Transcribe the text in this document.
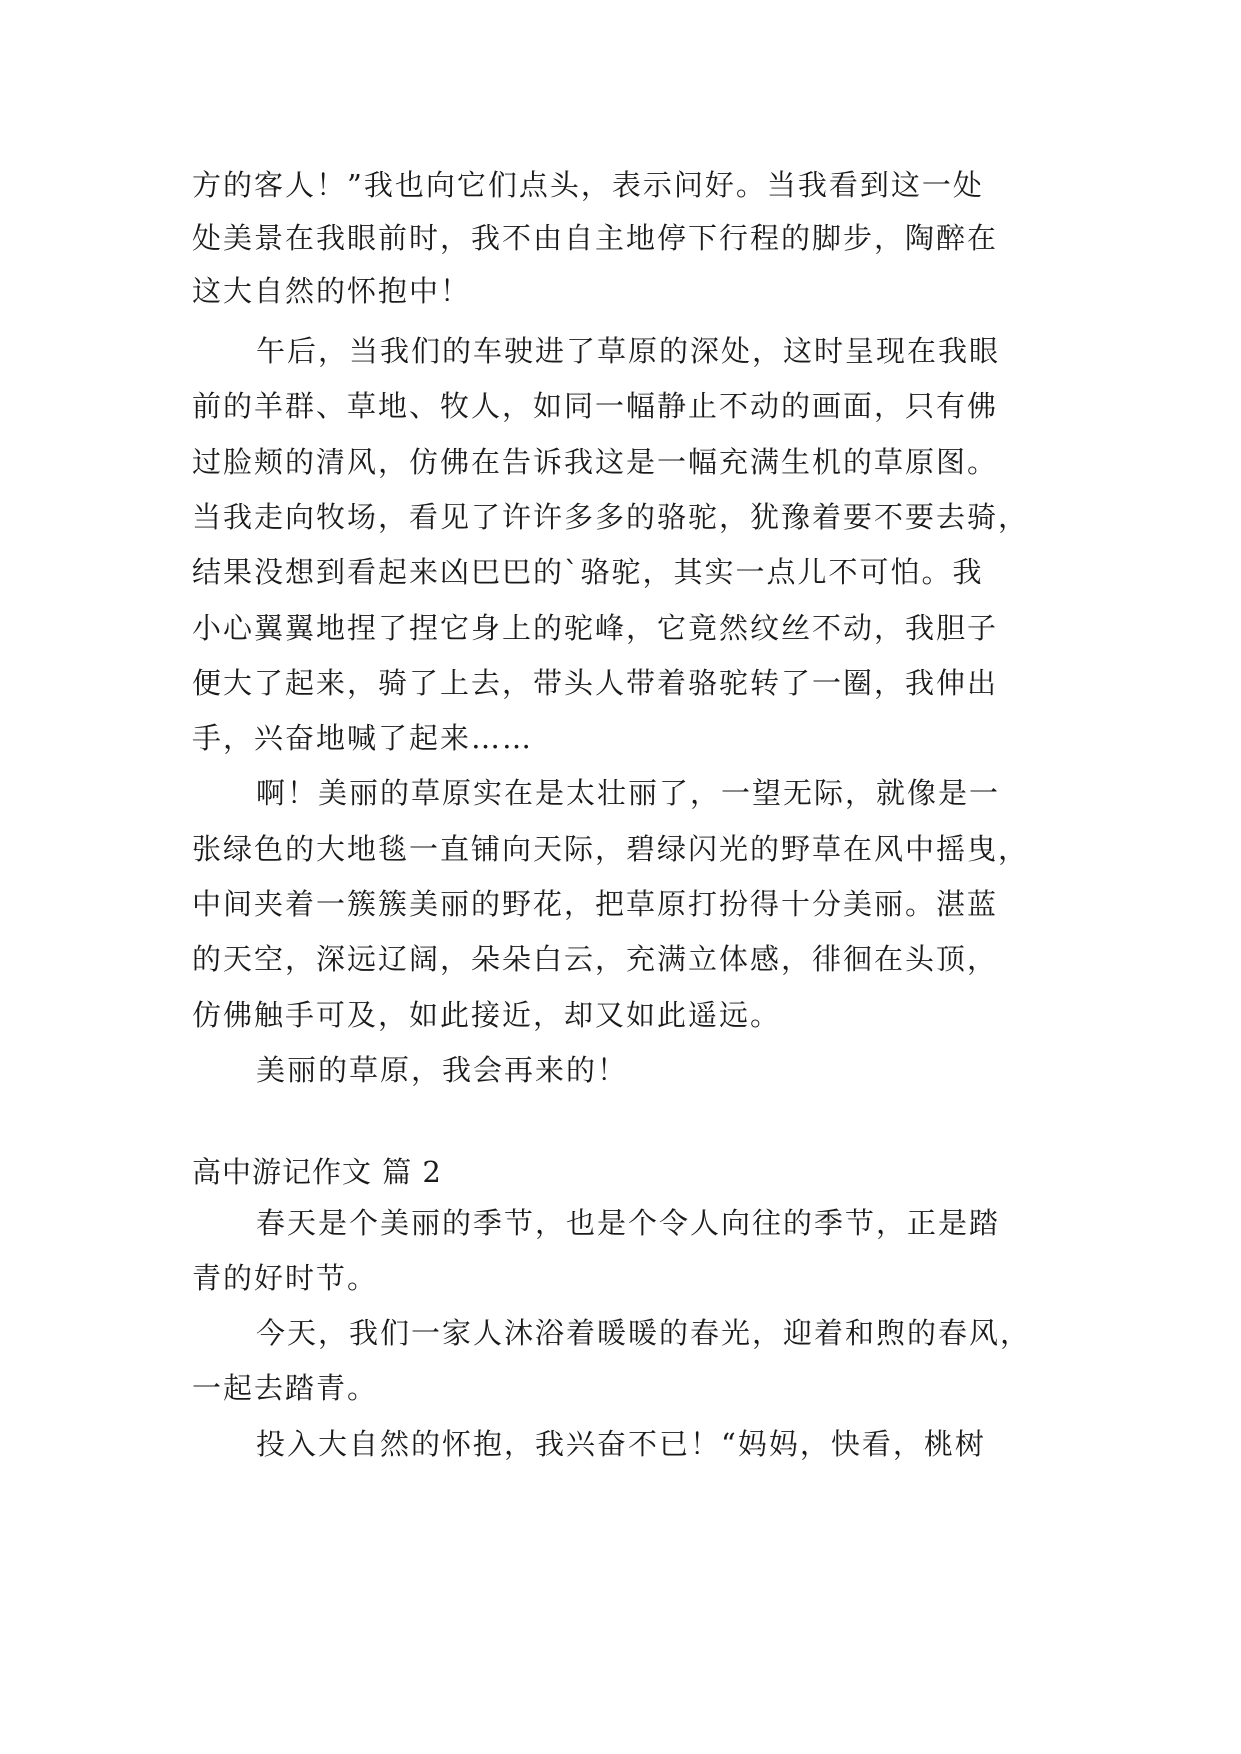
方的客人！”我也向它们点头，表示问好。当我看到这一处
处美景在我眼前时，我不由自主地停下行程的脚步，陶醉在
这大自然的怀抱中！
午后，当我们的车驶进了草原的深处，这时呈现在我眼
前的羊群、草地、牧人，如同一幅静止不动的画面，只有佛
过脸颊的清风，仿佛在告诉我这是一幅充满生机的草原图。
当我走向牧场，看见了许许多多的骆驼，犹豫着要不要去骑，
结果没想到看起来凶巴巴的`骆驼，其实一点儿不可怕。我
小心翼翼地捏了捏它身上的驼峰，它竟然纹丝不动，我胆子
便大了起来，骑了上去，带头人带着骆驼转了一圈，我伸出
手，兴奋地喊了起来……
啊！美丽的草原实在是太壮丽了，一望无际，就像是一
张绿色的大地毯一直铺向天际，碧绿闪光的野草在风中摇曳，
中间夹着一簇簇美丽的野花，把草原打扮得十分美丽。湛蓝
的天空，深远辽阔，朵朵白云，充满立体感，徘徊在头顶，
仿佛触手可及，如此接近，却又如此遥远。
美丽的草原，我会再来的！
高中游记作文 篇 2
春天是个美丽的季节，也是个令人向往的季节，正是踏
青的好时节。
今天，我们一家人沐浴着暖暖的春光，迎着和煦的春风，
一起去踏青。
投入大自然的怀抱，我兴奋不已！“妈妈，快看，桃树
